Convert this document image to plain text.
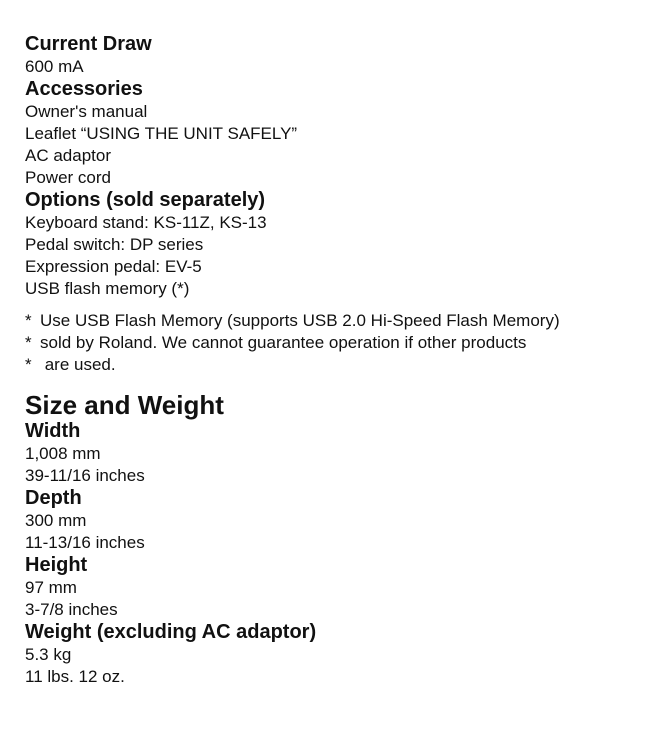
Current Draw

600 mA

Accessories

Owner's manual

Leaflet “USING THE UNIT SAFELY”

AC adaptor

Power cord

Options (sold separately)

Keyboard stand: KS-11Z, KS-13

Pedal switch: DP series

Expression pedal: EV-5

USB flash memory (*)

* Use USB Flash Memory (supports USB 2.0 Hi-Speed Flash Memory)

* sold by Roland. We cannot guarantee operation if other products

* are used.

Size and Weight

Width

1,008 mm

39-11/16 inches

Depth

300 mm

11-13/16 inches

Height

97 mm

3-7/8 inches

Weight (excluding AC adaptor)

5.3 kg

11 lbs. 12 oz.
